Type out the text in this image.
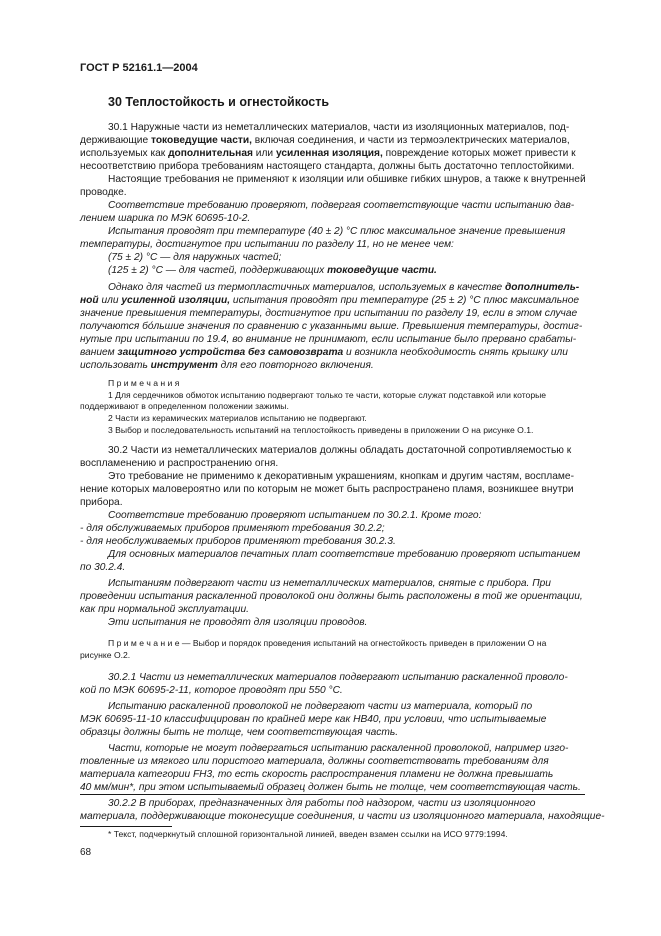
ГОСТ Р 52161.1—2004
30 Теплостойкость и огнестойкость
30.1 Наружные части из неметаллических материалов, части из изоляционных материалов, под-
держивающие токоведущие части, включая соединения, и части из термоэлектрических материалов,
используемых как дополнительная или усиленная изоляция, повреждение которых может привести к
несоответствию прибора требованиям настоящего стандарта, должны быть достаточно теплостойкими.
Настоящие требования не применяют к изоляции или обшивке гибких шнуров, а также к внутренней
проводке.
Соответствие требованию проверяют, подвергая соответствующие части испытанию дав-
лением шарика по МЭК 60695-10-2.
Испытания проводят при температуре (40 ± 2) °С плюс максимальное значение превышения
температуры, достигнутое при испытании по разделу 11, но не менее чем:
(75 ± 2) °С — для наружных частей;
(125 ± 2) °С — для частей, поддерживающих токоведущие части.
Однако для частей из термопластичных материалов, используемых в качестве дополнитель-
ной или усиленной изоляции, испытания проводят при температуре (25 ± 2) °С плюс максимальное
значение превышения температуры, достигнутое при испытании по разделу 19, если в этом случае
получаются бо́льшие значения по сравнению с указанными выше. Превышения температуры, достиг-
нутые при испытании по 19.4, во внимание не принимают, если испытание было прервано срабаты-
ванием защитного устройства без самовозврата и возникла необходимость снять крышку или
использовать инструмент для его повторного включения.
П р и м е ч а н и я
1 Для сердечников обмоток испытанию подвергают только те части, которые служат подставкой или которые
поддерживают в определенном положении зажимы.
2 Части из керамических материалов испытанию не подвергают.
3 Выбор и последовательность испытаний на теплостойкость приведены в приложении О на рисунке О.1.
30.2 Части из неметаллических материалов должны обладать достаточной сопротивляемостью к
воспламенению и распространению огня.
Это требование не применимо к декоративным украшениям, кнопкам и другим частям, воспламе-
нение которых маловероятно или по которым не может быть распространено пламя, возникшее внутри
прибора.
Соответствие требованию проверяют испытанием по 30.2.1. Кроме того:
- для обслуживаемых приборов применяют требования 30.2.2;
- для необслуживаемых приборов применяют требования 30.2.3.
Для основных материалов печатных плат соответствие требованию проверяют испытанием
по 30.2.4.
Испытаниям подвергают части из неметаллических материалов, снятые с прибора. При
проведении испытания раскаленной проволокой они должны быть расположены в той же ориентации,
как при нормальной эксплуатации.
Эти испытания не проводят для изоляции проводов.
П р и м е ч а н и е — Выбор и порядок проведения испытаний на огнестойкость приведен в приложении О на
рисунке О.2.
30.2.1 Части из неметаллических материалов подвергают испытанию раскаленной проволо-
кой по МЭК 60695-2-11, которое проводят при 550 °С.
Испытанию раскаленной проволокой не подвергают части из материала, который по
МЭК 60695-11-10 классифицирован по крайней мере как HB40, при условии, что испытываемые
образцы должны быть не толще, чем соответствующая часть.
Части, которые не могут подвергаться испытанию раскаленной проволокой, например изго-
товленные из мягкого или пористого материала, должны соответствовать требованиям для
материала категории FH3, то есть скорость распространения пламени не должна превышать
40 мм/мин*, при этом испытываемый образец должен быть не толще, чем соответствующая часть.
30.2.2 В приборах, предназначенных для работы под надзором, части из изоляционного
материала, поддерживающие токонесущие соединения, и части из изоляционного материала, находящие-
* Текст, подчеркнутый сплошной горизонтальной линией, введен взамен ссылки на ИСО 9779:1994.
68
